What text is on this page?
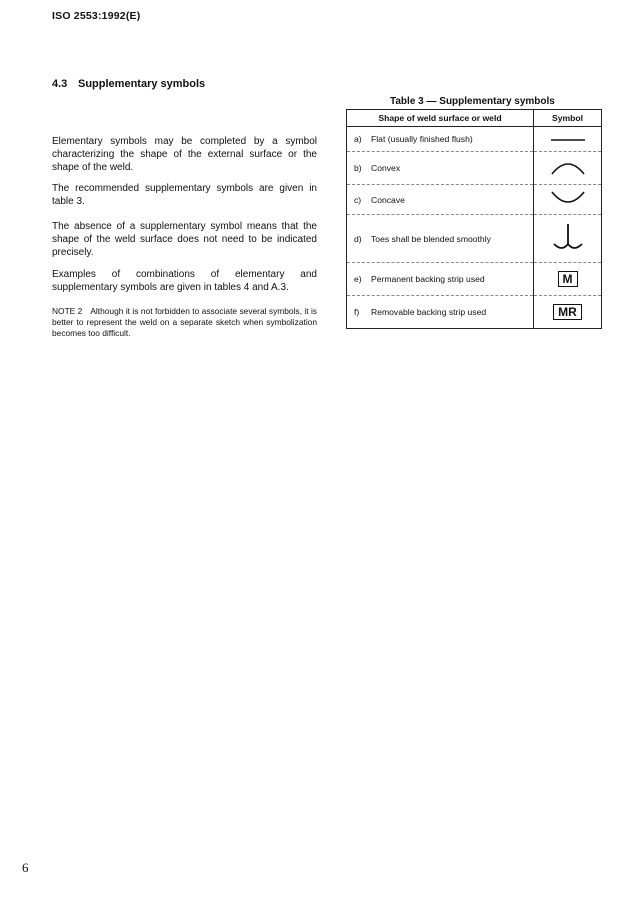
ISO 2553:1992(E)
4.3 Supplementary symbols
Elementary symbols may be completed by a symbol characterizing the shape of the external surface or the shape of the weld.
The recommended supplementary symbols are given in table 3.
The absence of a supplementary symbol means that the shape of the weld surface does not need to be indicated precisely.
Examples of combinations of elementary and supplementary symbols are given in tables 4 and A.3.
NOTE 2 Although it is not forbidden to associate several symbols, it is better to represent the weld on a separate sketch when symbolization becomes too difficult.
Table 3 — Supplementary symbols
Shape of weld surface or weld	Symbol
a) Flat (usually finished flush)	
b) Convex	
c) Concave	
d) Toes shall be blended smoothly	
e) Permanent backing strip used	M
f) Removable backing strip used	MR
6
